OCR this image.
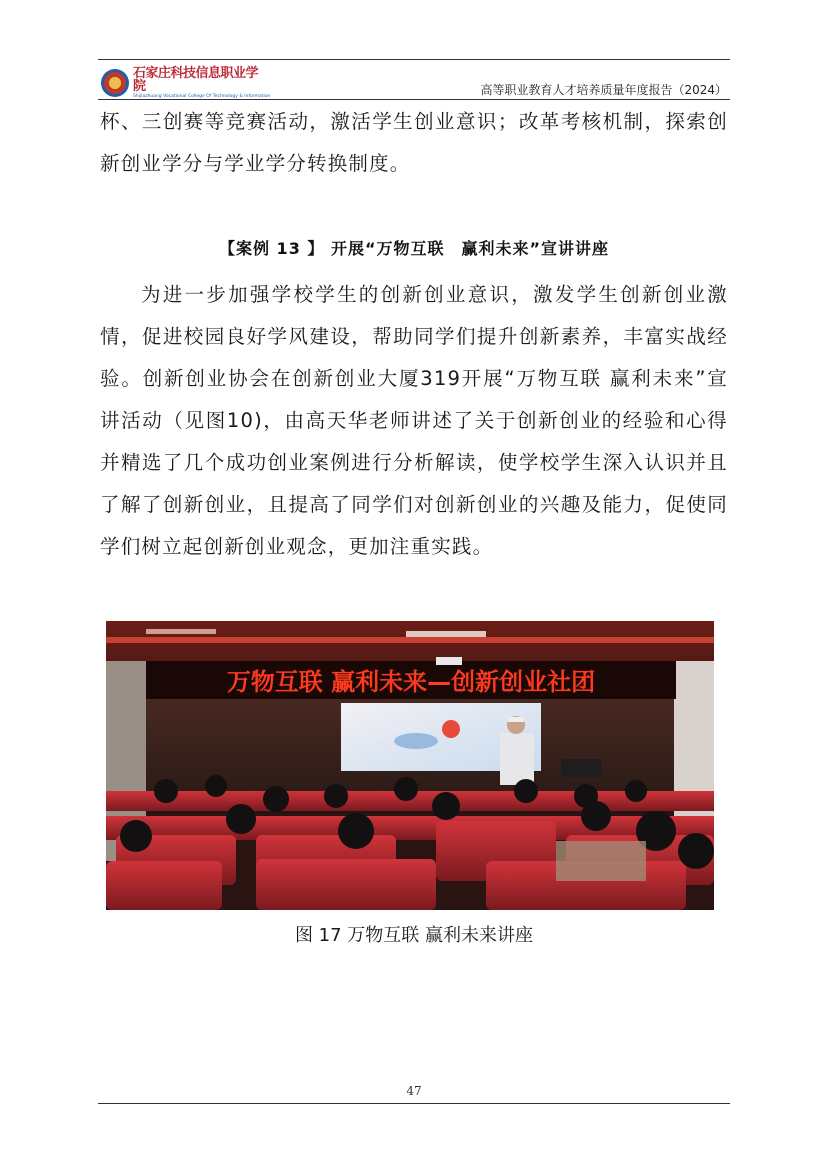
石家庄科技信息职业学院
Shijiazhuang Vocational College Of Technology & Information	高等职业教育人才培养质量年度报告（2024）
杯、三创赛等竞赛活动，激活学生创业意识；改革考核机制，探索创新创业学分与学业学分转换制度。
【案例 13 】 开展“万物互联　赢利未来”宣讲讲座
为进一步加强学校学生的创新创业意识，激发学生创新创业激情，促进校园良好学风建设，帮助同学们提升创新素养，丰富实战经验。创新创业协会在创新创业大厦319开展“万物互联 赢利未来”宣讲活动（见图10)，由高天华老师讲述了关于创新创业的经验和心得并精选了几个成功创业案例进行分析解读，使学校学生深入认识并且了解了创新创业，且提高了同学们对创新创业的兴趣及能力，促使同学们树立起创新创业观念，更加注重实践。
万物互联 赢利未来—创新创业社团
图 17 万物互联 赢利未来讲座
47
